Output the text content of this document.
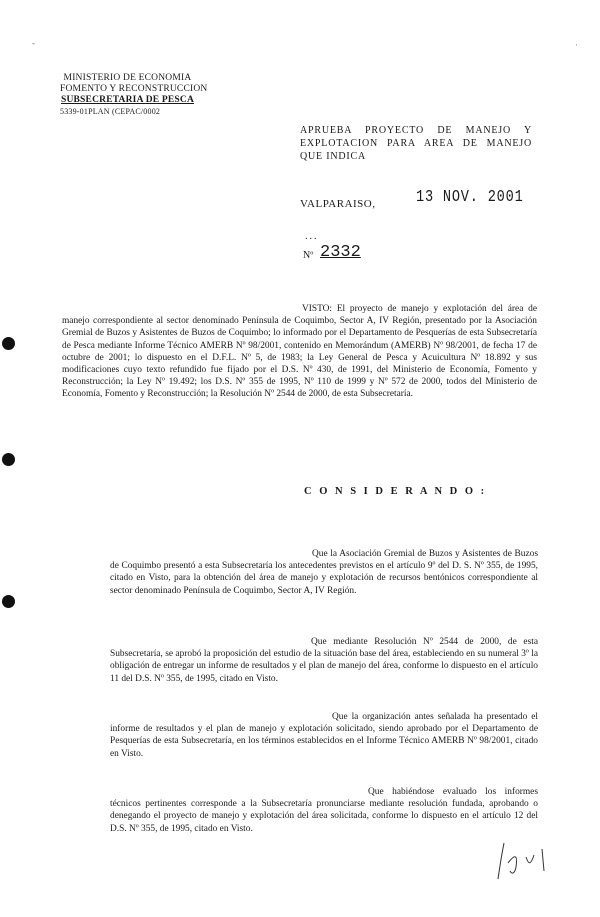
-	·
MINISTERIO DE ECONOMIA
FOMENTO Y RECONSTRUCCION
SUBSECRETARIA DE PESCA
5339-01PLAN (CEPAC/0002
APRUEBA PROYECTO DE MANEJO Y EXPLOTACION PARA AREA DE MANEJO QUE INDICA
VALPARAISO, 13 NOV. 2001
...
Nº 2332
VISTO: El proyecto de manejo y explotación del área de manejo correspondiente al sector denominado Península de Coquimbo, Sector A, IV Región, presentado por la Asociación Gremial de Buzos y Asistentes de Buzos de Coquimbo; lo informado por el Departamento de Pesquerías de esta Subsecretaría de Pesca mediante Informe Técnico AMERB Nº 98/2001, contenido en Memorándum (AMERB) Nº 98/2001, de fecha 17 de octubre de 2001; lo dispuesto en el D.F.L. Nº 5, de 1983; la Ley General de Pesca y Acuicultura Nº 18.892 y sus modificaciones cuyo texto refundido fue fijado por el D.S. Nº 430, de 1991, del Ministerio de Economía, Fomento y Reconstrucción; la Ley Nº 19.492; los D.S. Nº 355 de 1995, Nº 110 de 1999 y Nº 572 de 2000, todos del Ministerio de Economía, Fomento y Reconstrucción; la Resolución Nº 2544 de 2000, de esta Subsecretaría.
C O N S I D E R A N D O :
Que la Asociación Gremial de Buzos y Asistentes de Buzos de Coquimbo presentó a esta Subsecretaría los antecedentes previstos en el artículo 9º del D. S. Nº 355, de 1995, citado en Visto, para la obtención del área de manejo y explotación de recursos bentónicos correspondiente al sector denominado Península de Coquimbo, Sector A, IV Región.
Que mediante Resolución Nº 2544 de 2000, de esta Subsecretaría, se aprobó la proposición del estudio de la situación base del área, estableciendo en su numeral 3º la obligación de entregar un informe de resultados y el plan de manejo del área, conforme lo dispuesto en el artículo 11 del D.S. Nº 355, de 1995, citado en Visto.
Que la organización antes señalada ha presentado el informe de resultados y el plan de manejo y explotación solicitado, siendo aprobado por el Departamento de Pesquerías de esta Subsecretaría, en los términos establecidos en el Informe Técnico AMERB Nº 98/2001, citado en Visto.
Que habiéndose evaluado los informes técnicos pertinentes corresponde a la Subsecretaría pronunciarse mediante resolución fundada, aprobando o denegando el proyecto de manejo y explotación del área solicitada, conforme lo dispuesto en el artículo 12 del D.S. Nº 355, de 1995, citado en Visto.
